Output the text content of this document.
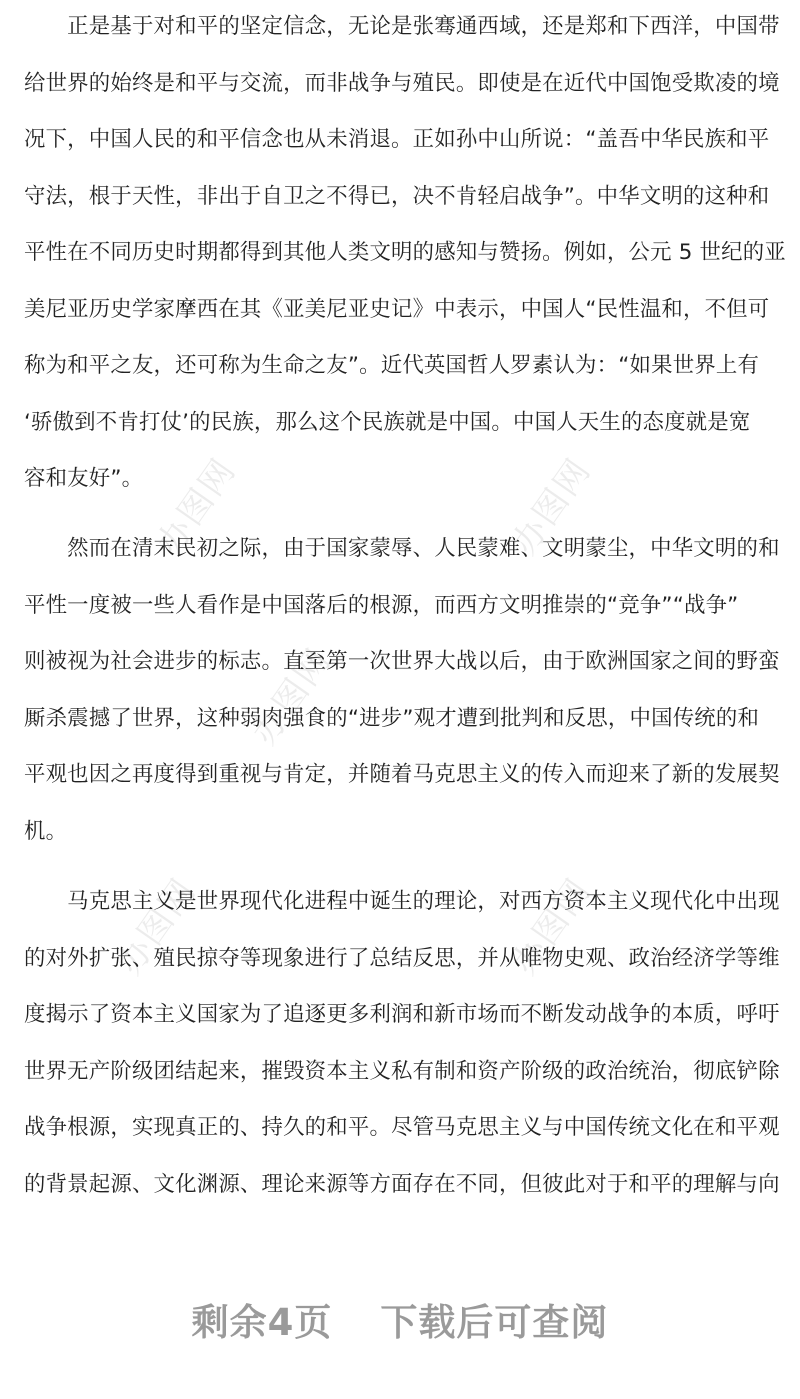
办图网	办图网
办图网
办图网	办图网

　　正是基于对和平的坚定信念，无论是张骞通西域，还是郑和下西洋，中国带
给世界的始终是和平与交流，而非战争与殖民。即使是在近代中国饱受欺凌的境
况下，中国人民的和平信念也从未消退。正如孙中山所说：“盖吾中华民族和平
守法，根于天性，非出于自卫之不得已，决不肯轻启战争”。中华文明的这种和
平性在不同历史时期都得到其他人类文明的感知与赞扬。例如，公元 5 世纪的亚
美尼亚历史学家摩西在其《亚美尼亚史记》中表示，中国人“民性温和，不但可
称为和平之友，还可称为生命之友”。近代英国哲人罗素认为：“如果世界上有
‘骄傲到不肯打仗’的民族，那么这个民族就是中国。中国人天生的态度就是宽
容和友好”。

　　然而在清末民初之际，由于国家蒙辱、人民蒙难、文明蒙尘，中华文明的和
平性一度被一些人看作是中国落后的根源，而西方文明推崇的“竞争”“战争”
则被视为社会进步的标志。直至第一次世界大战以后，由于欧洲国家之间的野蛮
厮杀震撼了世界，这种弱肉强食的“进步”观才遭到批判和反思，中国传统的和
平观也因之再度得到重视与肯定，并随着马克思主义的传入而迎来了新的发展契
机。

　　马克思主义是世界现代化进程中诞生的理论，对西方资本主义现代化中出现
的对外扩张、殖民掠夺等现象进行了总结反思，并从唯物史观、政治经济学等维
度揭示了资本主义国家为了追逐更多利润和新市场而不断发动战争的本质，呼吁
世界无产阶级团结起来，摧毁资本主义私有制和资产阶级的政治统治，彻底铲除
战争根源，实现真正的、持久的和平。尽管马克思主义与中国传统文化在和平观
的背景起源、文化渊源、理论来源等方面存在不同，但彼此对于和平的理解与向

剩余4页 下载后可查阅
